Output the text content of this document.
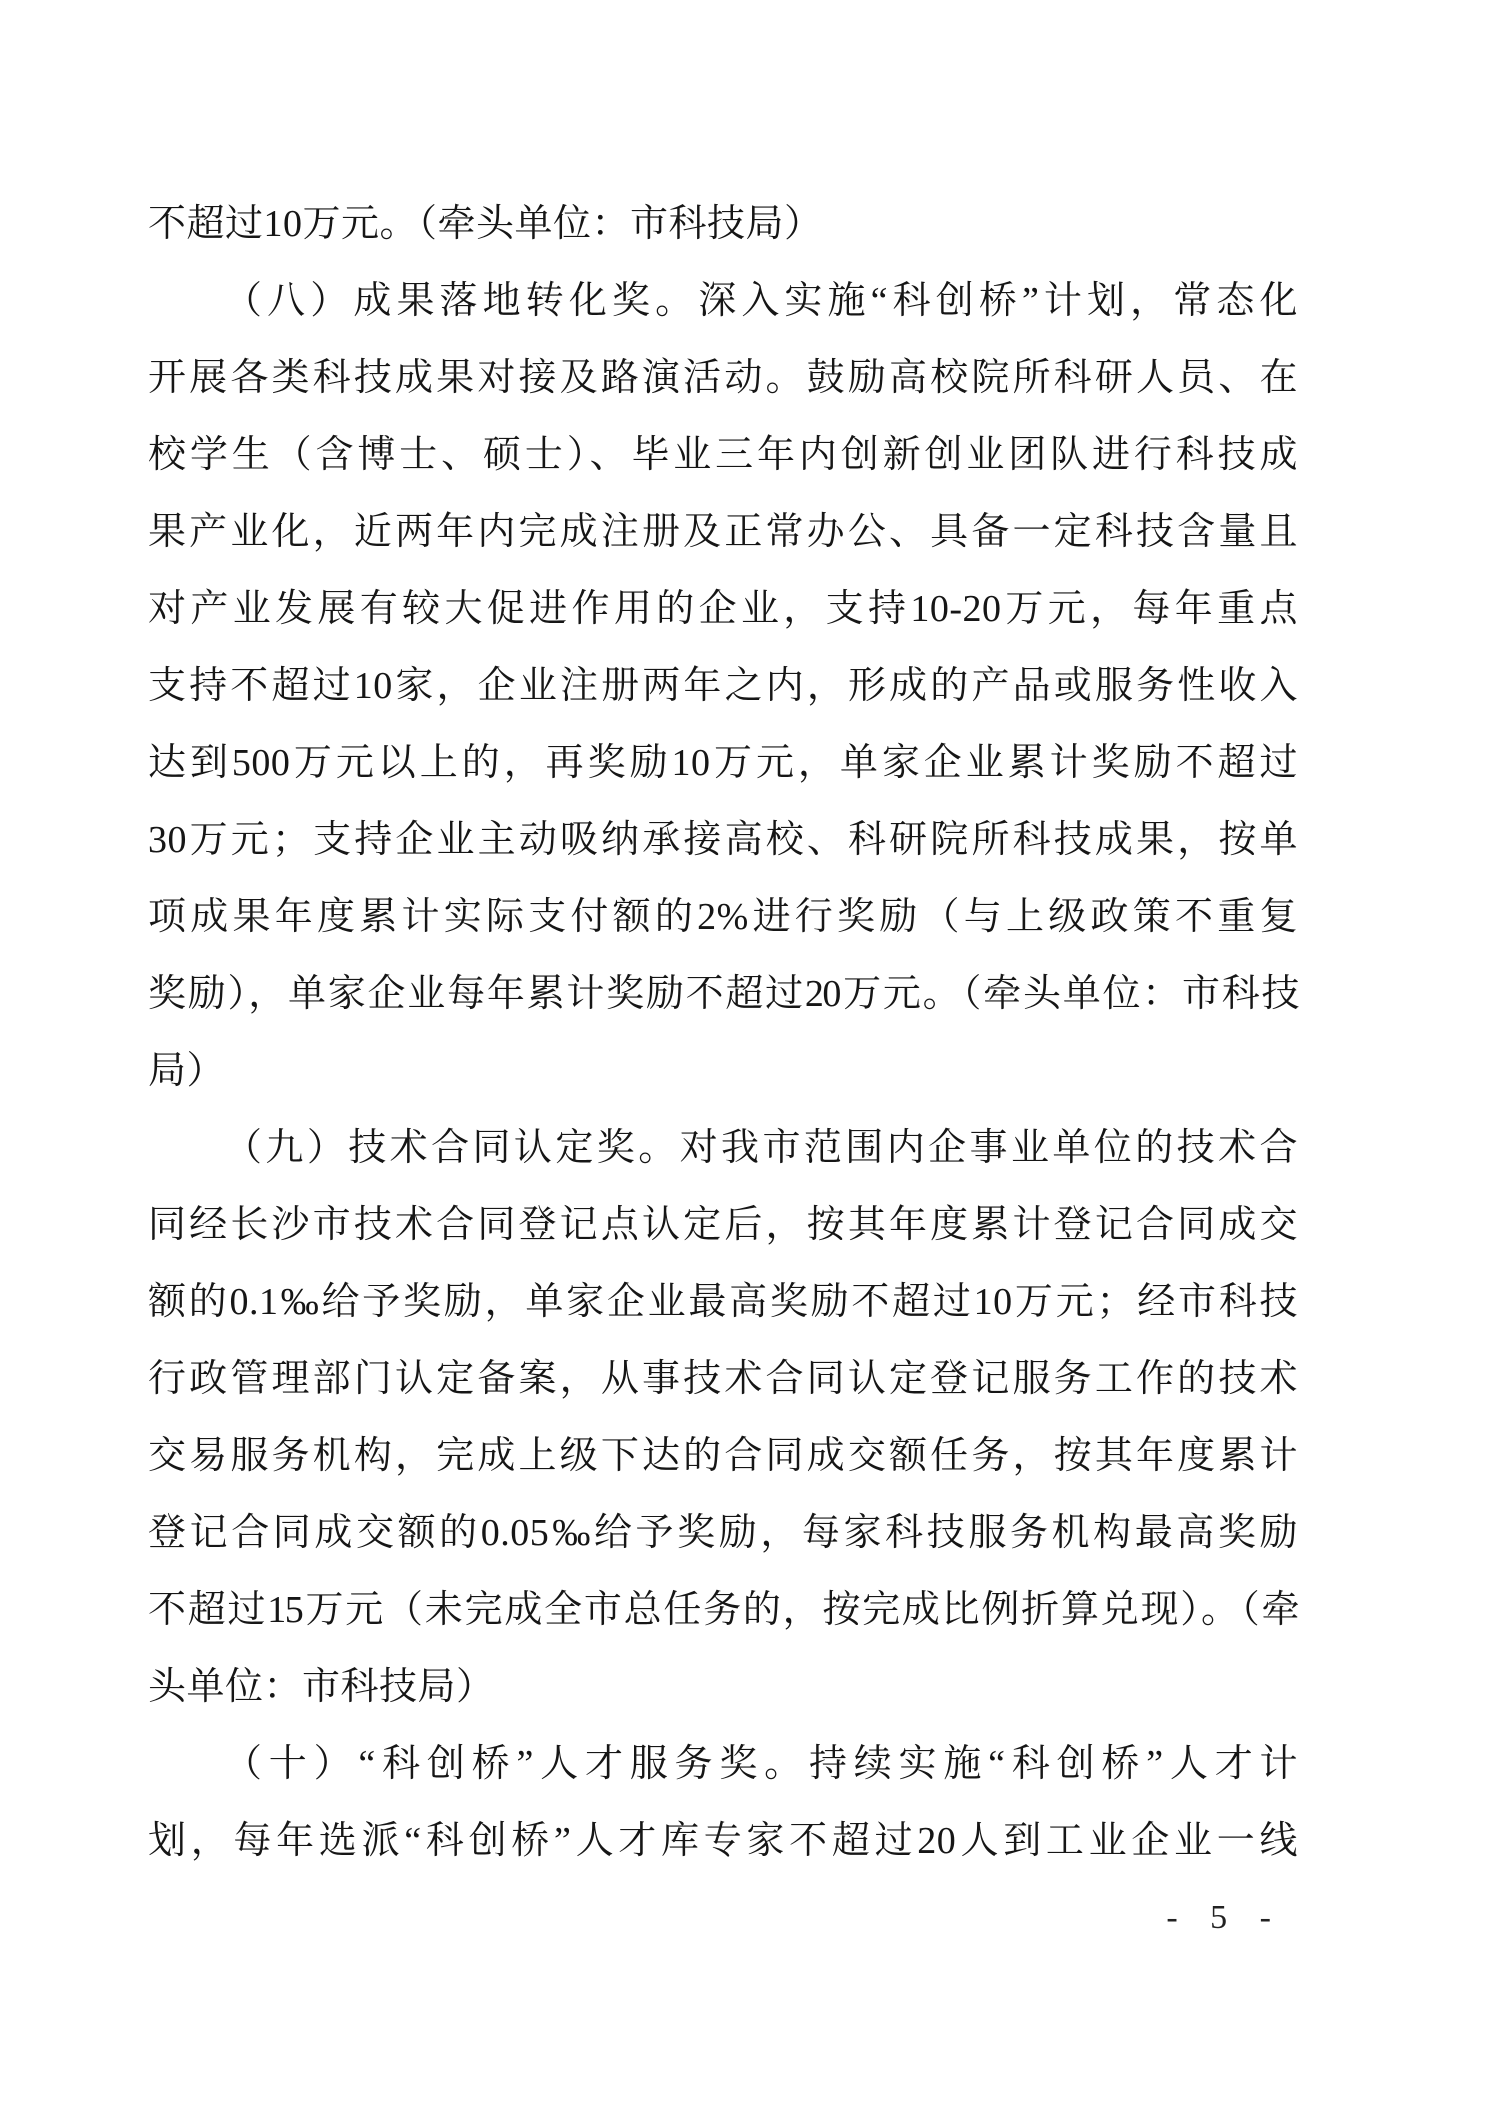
不超过10万元。（牵头单位：市科技局）

（八）成果落地转化奖。深入实施“科创桥”计划，常态化

开展各类科技成果对接及路演活动。鼓励高校院所科研人员、在

校学生（含博士、硕士）、毕业三年内创新创业团队进行科技成

果产业化，近两年内完成注册及正常办公、具备一定科技含量且

对产业发展有较大促进作用的企业，支持10-20万元，每年重点

支持不超过10家，企业注册两年之内，形成的产品或服务性收入

达到500万元以上的，再奖励10万元，单家企业累计奖励不超过

30万元；支持企业主动吸纳承接高校、科研院所科技成果，按单

项成果年度累计实际支付额的2%进行奖励（与上级政策不重复

奖励），单家企业每年累计奖励不超过20万元。（牵头单位：市科技

局）

（九）技术合同认定奖。对我市范围内企事业单位的技术合

同经长沙市技术合同登记点认定后，按其年度累计登记合同成交

额的0.1‰给予奖励，单家企业最高奖励不超过10万元；经市科技

行政管理部门认定备案，从事技术合同认定登记服务工作的技术

交易服务机构，完成上级下达的合同成交额任务，按其年度累计

登记合同成交额的0.05‰给予奖励，每家科技服务机构最高奖励

不超过15万元（未完成全市总任务的，按完成比例折算兑现）。（牵

头单位：市科技局）

（十）“科创桥”人才服务奖。持续实施“科创桥”人才计

划，每年选派“科创桥”人才库专家不超过20人到工业企业一线

- 5 -
